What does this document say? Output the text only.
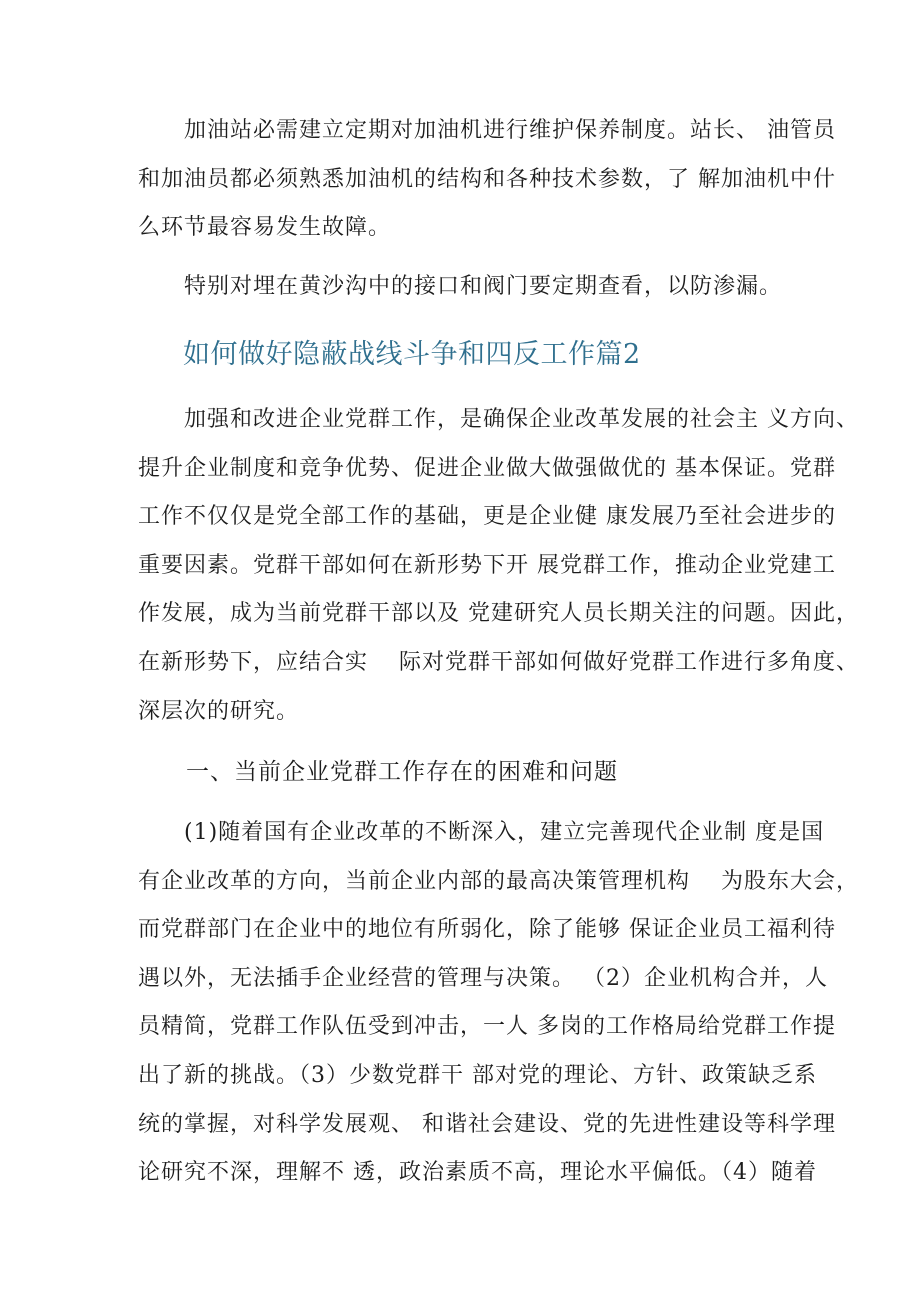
　　加油站必需建立定期对加油机进行维护保养制度。站长、 油管员

和加油员都必须熟悉加油机的结构和各种技术参数，了 解加油机中什

么环节最容易发生故障。

　　特别对埋在黄沙沟中的接口和阀门要定期查看，以防渗漏。

如何做好隐蔽战线斗争和四反工作篇2

　　加强和改进企业党群工作，是确保企业改革发展的社会主 义方向、

提升企业制度和竞争优势、促进企业做大做强做优的 基本保证。党群

工作不仅仅是党全部工作的基础，更是企业健 康发展乃至社会进步的

重要因素。党群干部如何在新形势下开 展党群工作，推动企业党建工

作发展，成为当前党群干部以及 党建研究人员长期关注的问题。因此，

在新形势下，应结合实　 际对党群干部如何做好党群工作进行多角度、

深层次的研究。

　　一、当前企业党群工作存在的困难和问题

　　(1)随着国有企业改革的不断深入，建立完善现代企业制 度是国

有企业改革的方向，当前企业内部的最高决策管理机构　 为股东大会，

而党群部门在企业中的地位有所弱化，除了能够 保证企业员工福利待

遇以外，无法插手企业经营的管理与决策。 （2）企业机构合并，人

员精简，党群工作队伍受到冲击，一人 多岗的工作格局给党群工作提

出了新的挑战。（3）少数党群干 部对党的理论、方针、政策缺乏系

统的掌握，对科学发展观、 和谐社会建设、党的先进性建设等科学理

论研究不深，理解不 透，政治素质不高，理论水平偏低。（4）随着
